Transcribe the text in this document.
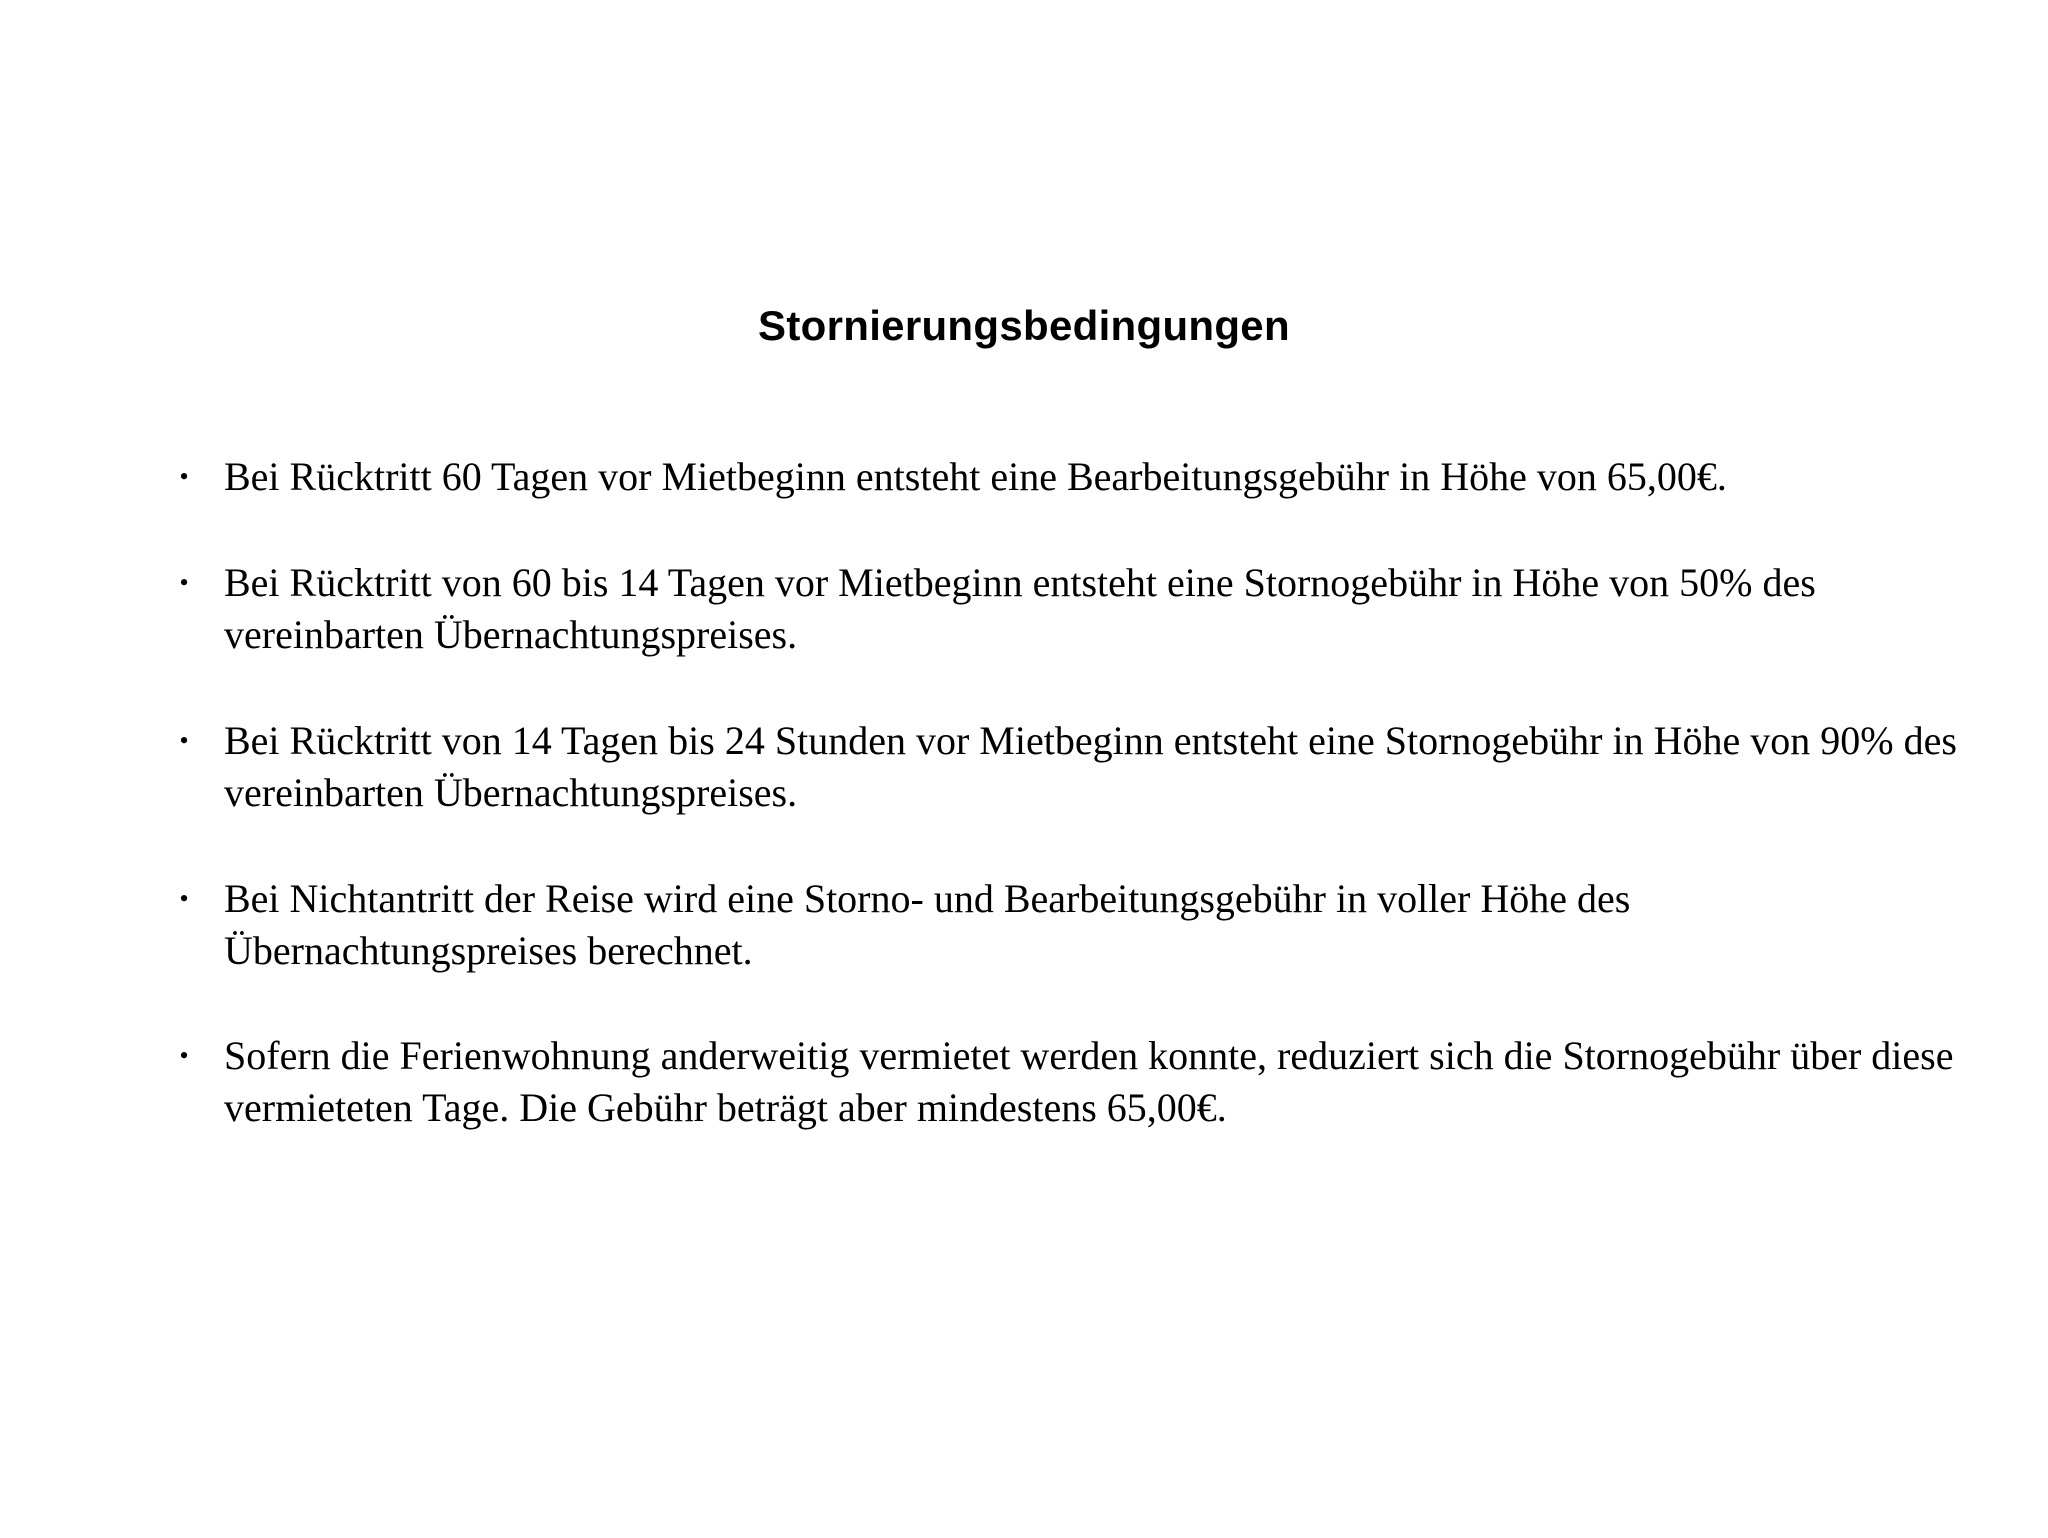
Stornierungsbedingungen
• Bei Rücktritt 60 Tagen vor Mietbeginn entsteht eine Bearbeitungsgebühr in Höhe von 65,00€.
• Bei Rücktritt von 60 bis 14 Tagen vor Mietbeginn entsteht eine Stornogebühr in Höhe von 50% des vereinbarten Übernachtungspreises.
• Bei Rücktritt von 14 Tagen bis 24 Stunden vor Mietbeginn entsteht eine Stornogebühr in Höhe von 90% des vereinbarten Übernachtungspreises.
• Bei Nichtantritt der Reise wird eine Storno- und Bearbeitungsgebühr in voller Höhe des Übernachtungspreises berechnet.
• Sofern die Ferienwohnung anderweitig vermietet werden konnte, reduziert sich die Stornogebühr über diese vermieteten Tage. Die Gebühr beträgt aber mindestens 65,00€.
